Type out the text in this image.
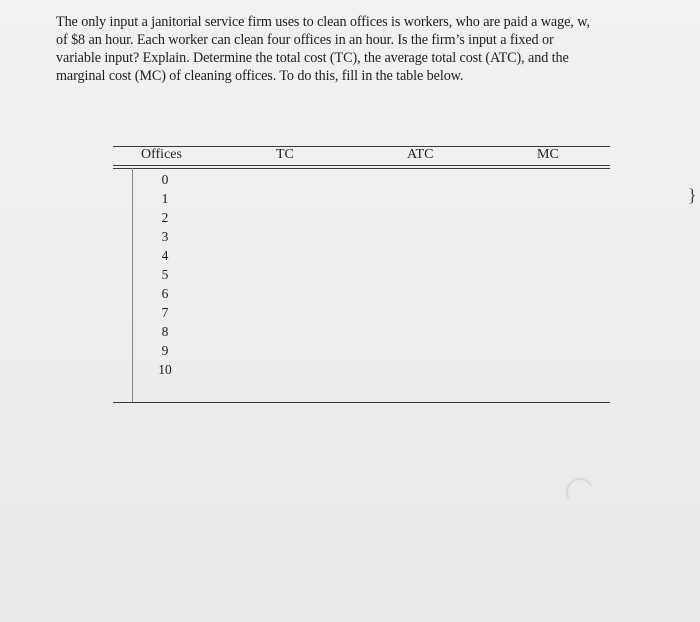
The only input a janitorial service firm uses to clean offices is workers, who are paid a wage, w,
of $8 an hour. Each worker can clean four offices in an hour. Is the firm’s input a fixed or
variable input? Explain. Determine the total cost (TC), the average total cost (ATC), and the
marginal cost (MC) of cleaning offices. To do this, fill in the table below.
Offices	TC	ATC	MC
0
1
2
3
4
5
6
7
8
9
10
}
